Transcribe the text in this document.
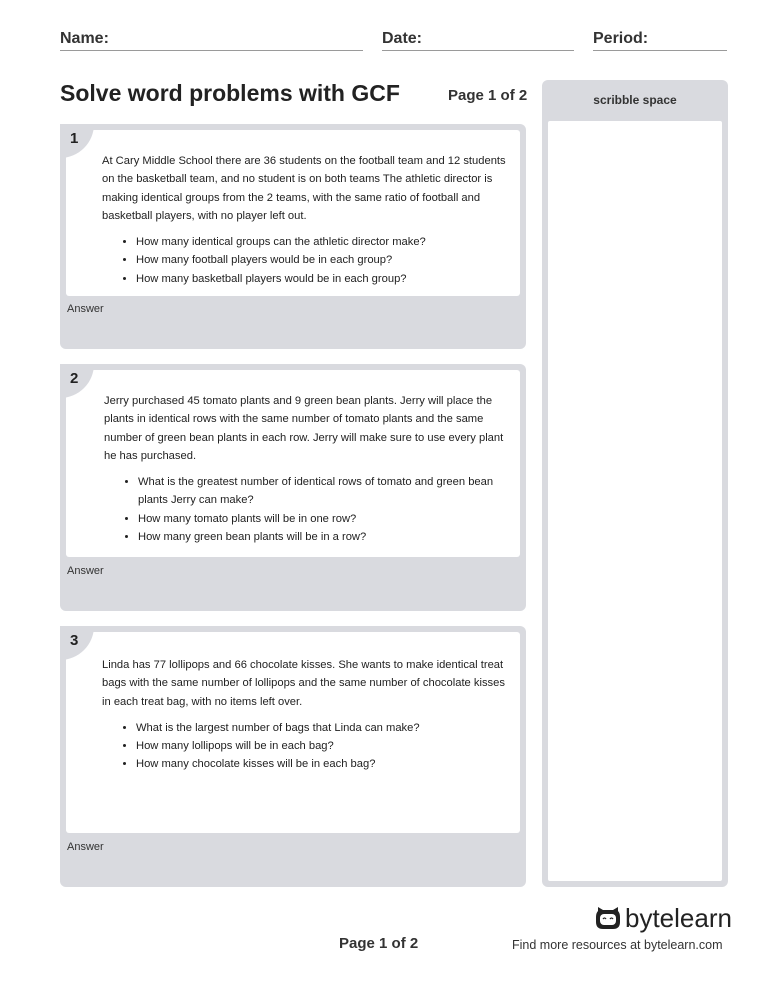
Name:	Date:	Period:
Solve word problems with GCF	Page 1 of 2
1

At Cary Middle School there are 36 students on the football team and 12 students on the basketball team, and no student is on both teams The athletic director is making identical groups from the 2 teams, with the same ratio of football and basketball players, with no player left out.

• How many identical groups can the athletic director make?
• How many football players would be in each group?
• How many basketball players would be in each group?
Answer
2

Jerry purchased 45 tomato plants and 9 green bean plants. Jerry will place the plants in identical rows with the same number of tomato plants and the same number of green bean plants in each row. Jerry will make sure to use every plant he has purchased.

• What is the greatest number of identical rows of tomato and green bean plants Jerry can make?
• How many tomato plants will be in one row?
• How many green bean plants will be in a row?
Answer
3

Linda has 77 lollipops and 66 chocolate kisses. She wants to make identical treat bags with the same number of lollipops and the same number of chocolate kisses in each treat bag, with no items left over.

• What is the largest number of bags that Linda can make?
• How many lollipops will be in each bag?
• How many chocolate kisses will be in each bag?
Answer
scribble space
Page 1 of 2
bytelearn
Find more resources at bytelearn.com
